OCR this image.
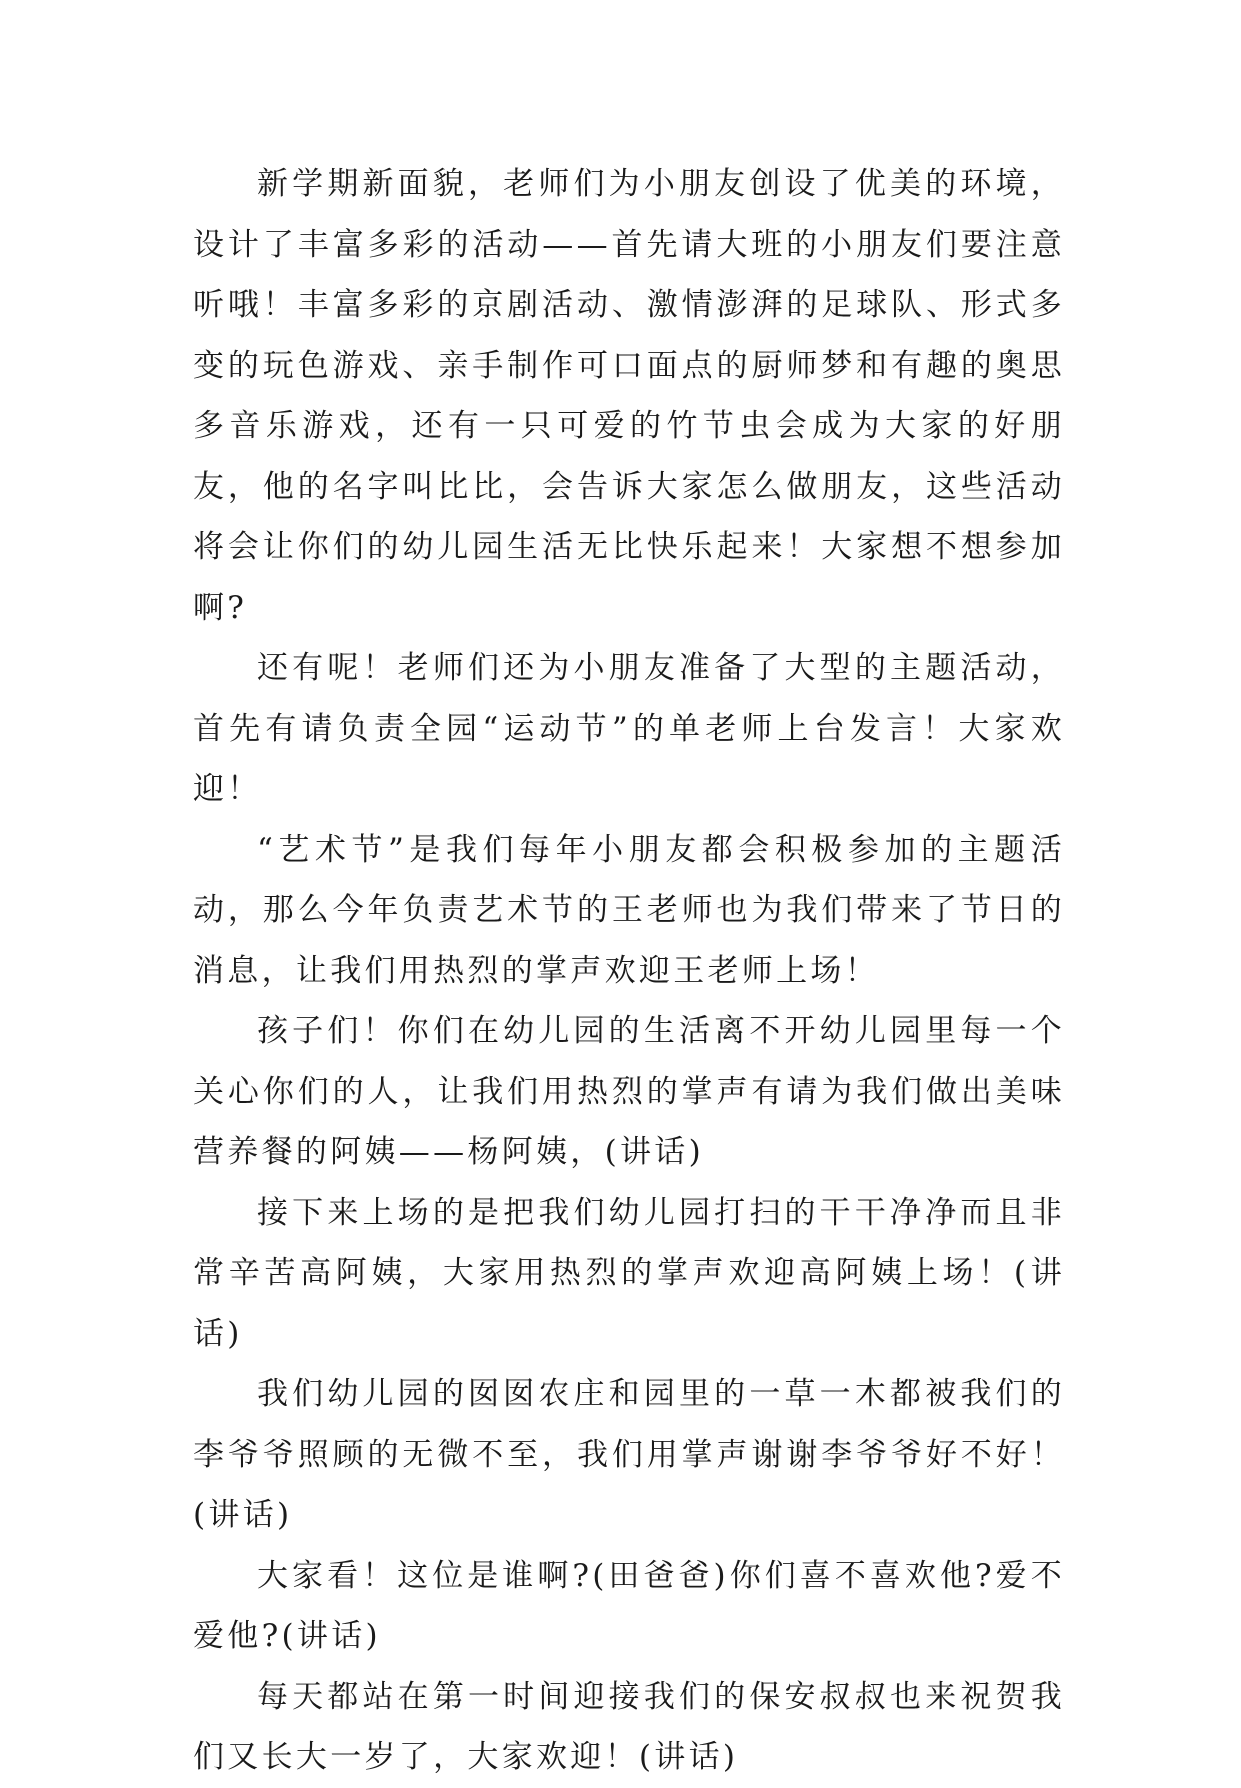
新学期新面貌，老师们为小朋友创设了优美的环境，设计了丰富多彩的活动——首先请大班的小朋友们要注意听哦！丰富多彩的京剧活动、激情澎湃的足球队、形式多变的玩色游戏、亲手制作可口面点的厨师梦和有趣的奥思多音乐游戏，还有一只可爱的竹节虫会成为大家的好朋友，他的名字叫比比，会告诉大家怎么做朋友，这些活动将会让你们的幼儿园生活无比快乐起来！大家想不想参加啊?

还有呢！老师们还为小朋友准备了大型的主题活动，首先有请负责全园“运动节”的单老师上台发言！大家欢迎！

“艺术节”是我们每年小朋友都会积极参加的主题活动，那么今年负责艺术节的王老师也为我们带来了节日的消息，让我们用热烈的掌声欢迎王老师上场！

孩子们！你们在幼儿园的生活离不开幼儿园里每一个关心你们的人，让我们用热烈的掌声有请为我们做出美味营养餐的阿姨——杨阿姨，(讲话)

接下来上场的是把我们幼儿园打扫的干干净净而且非常辛苦高阿姨，大家用热烈的掌声欢迎高阿姨上场！(讲话)

我们幼儿园的囡囡农庄和园里的一草一木都被我们的李爷爷照顾的无微不至，我们用掌声谢谢李爷爷好不好！(讲话)

大家看！这位是谁啊?(田爸爸)你们喜不喜欢他?爱不爱他?(讲话)

每天都站在第一时间迎接我们的保安叔叔也来祝贺我们又长大一岁了，大家欢迎！(讲话)
